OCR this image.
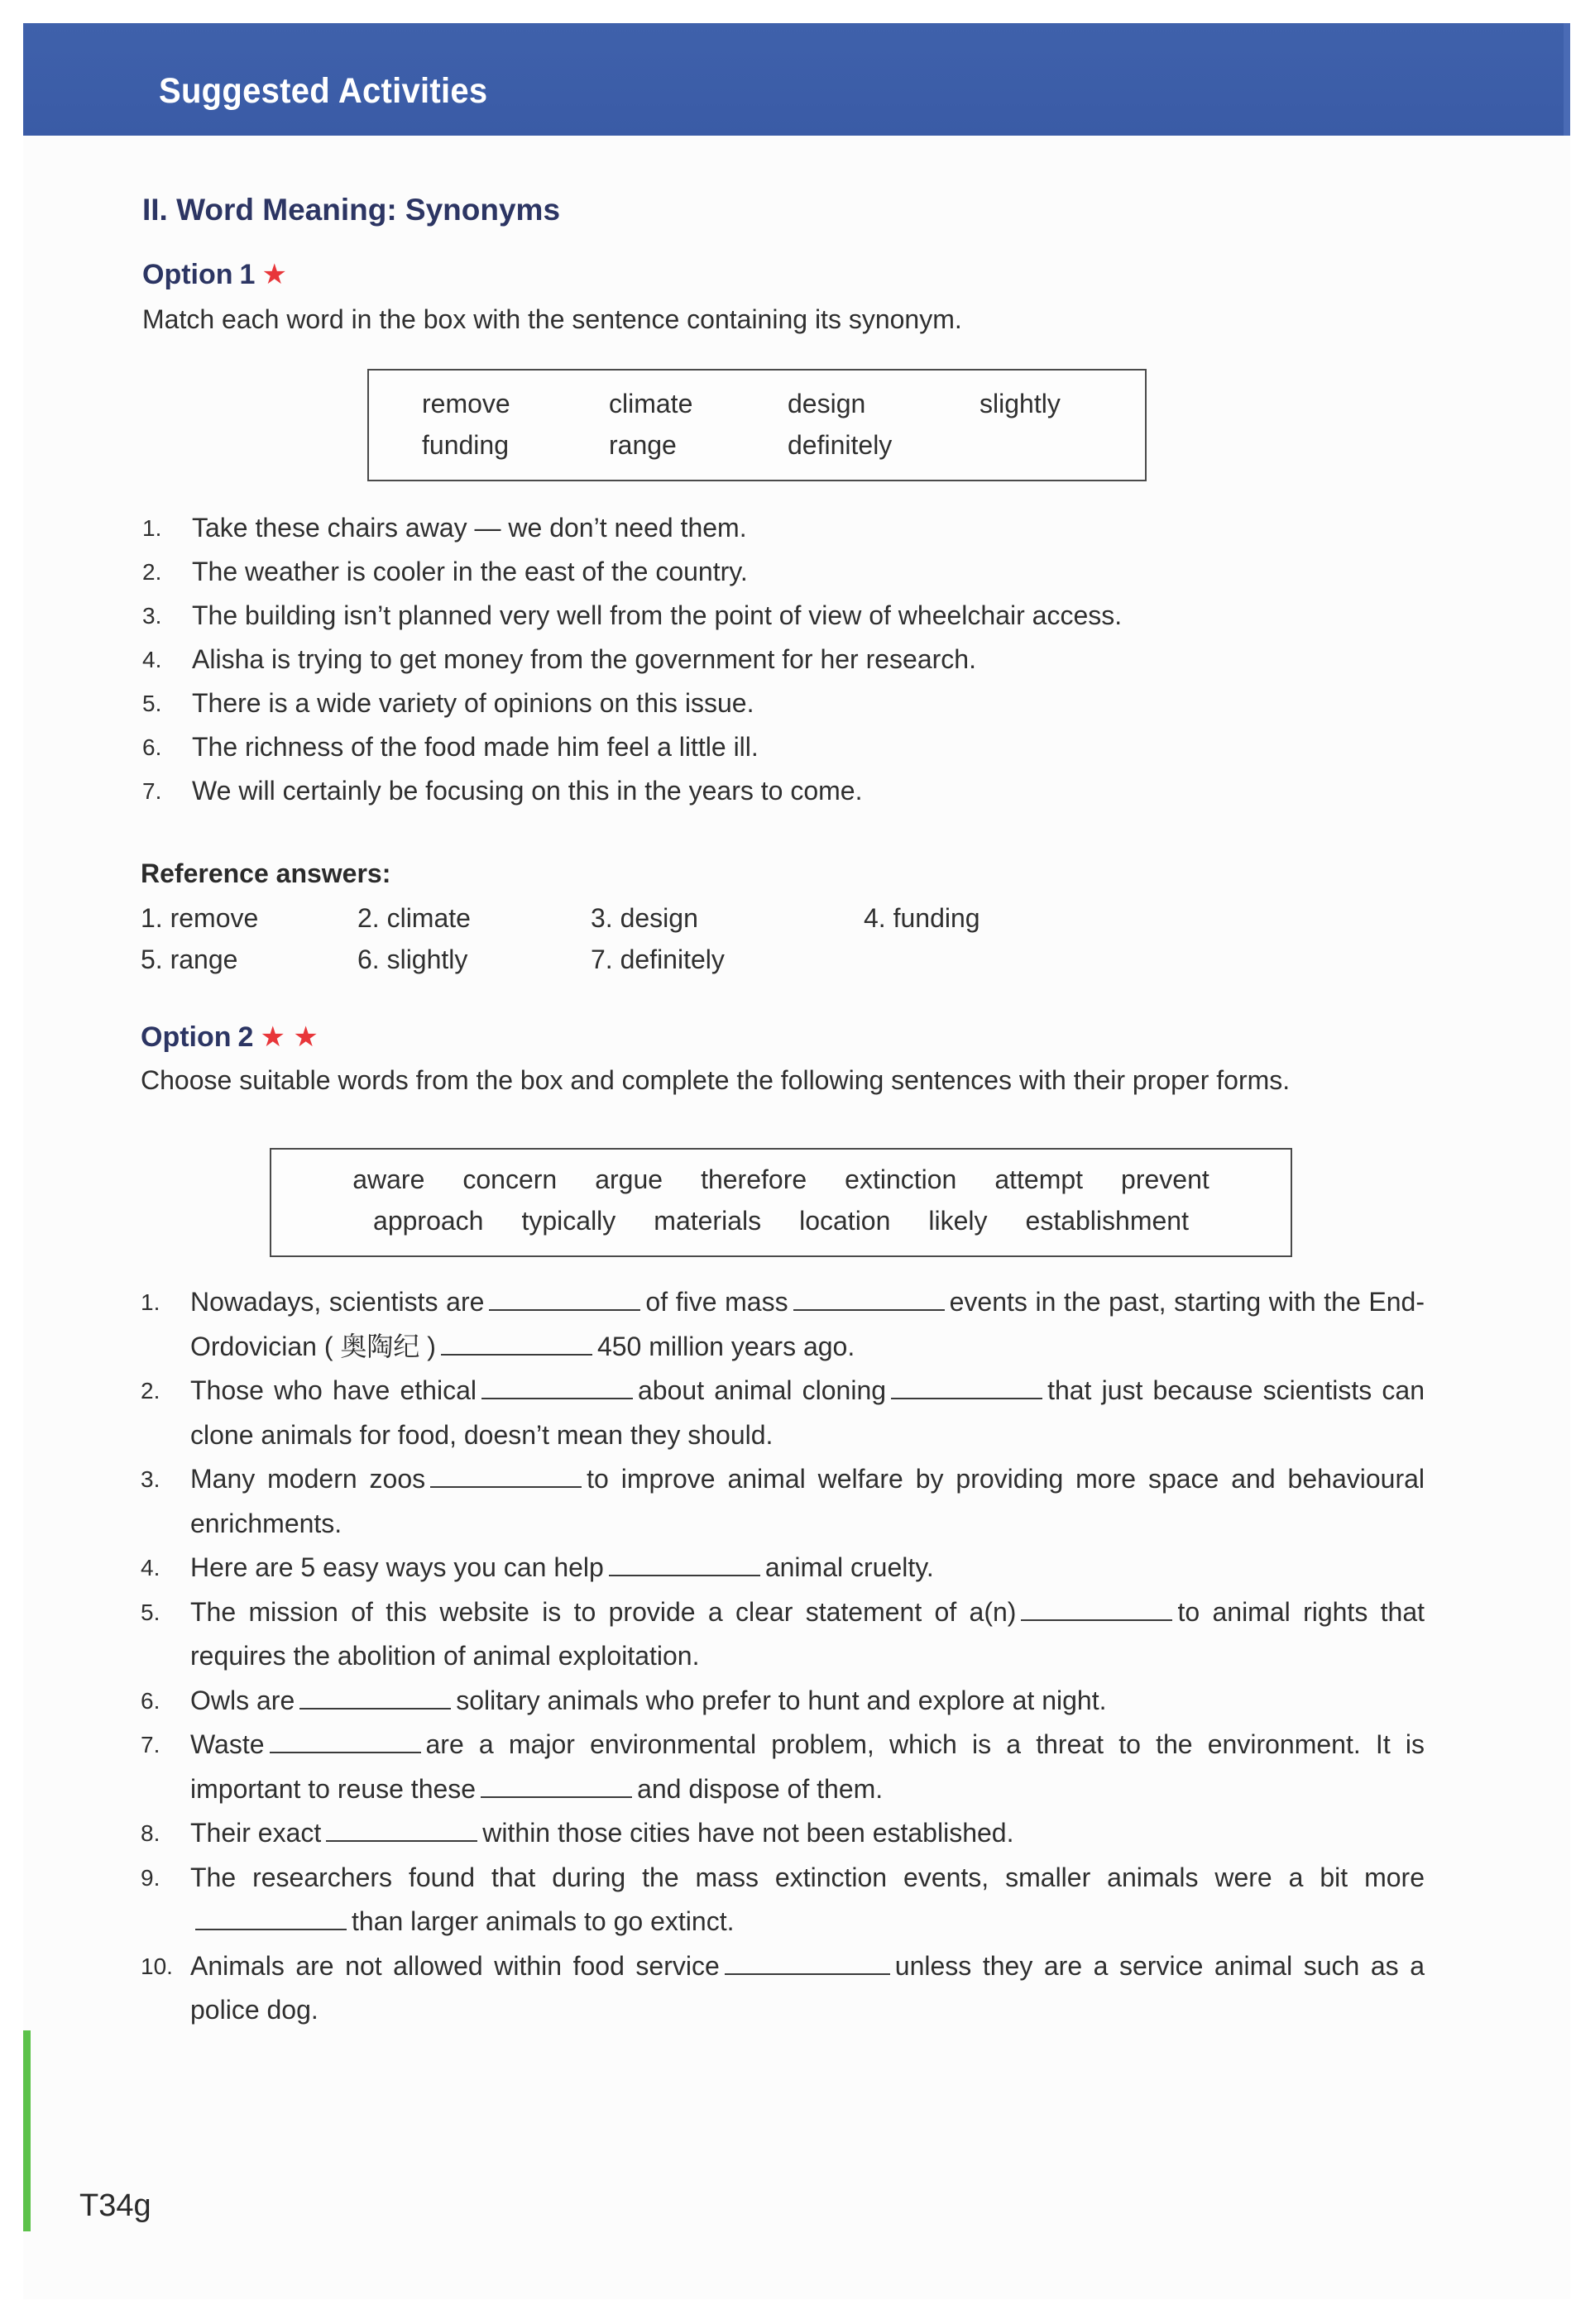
Suggested Activities
II. Word Meaning: Synonyms
Option 1 ★
Match each word in the box with the sentence containing its synonym.
remove	climate	design	slightly
funding	range	definitely
1.	Take these chairs away — we don’t need them.
2.	The weather is cooler in the east of the country.
3.	The building isn’t planned very well from the point of view of wheelchair access.
4.	Alisha is trying to get money from the government for her research.
5.	There is a wide variety of opinions on this issue.
6.	The richness of the food made him feel a little ill.
7.	We will certainly be focusing on this in the years to come.
Reference answers:
1. remove	2. climate	3. design	4. funding
5. range	6. slightly	7. definitely
Option 2 ★ ★
Choose suitable words from the box and complete the following sentences with their proper forms.
aware concern argue therefore extinction attempt prevent
approach typically materials location likely establishment
1.	Nowadays, scientists are	of five mass	events in the past, starting with the End-Ordovician ( 奥陶纪 )	450 million years ago.
2.	Those who have ethical	about animal cloning	that just because scientists can clone animals for food, doesn’t mean they should.
3.	Many modern zoos	to improve animal welfare by providing more space and behavioural enrichments.
4.	Here are 5 easy ways you can help	animal cruelty.
5.	The mission of this website is to provide a clear statement of a(n)	to animal rights that requires the abolition of animal exploitation.
6.	Owls are	solitary animals who prefer to hunt and explore at night.
7.	Waste	are a major environmental problem, which is a threat to the environment. It is important to reuse these	and dispose of them.
8.	Their exact	within those cities have not been established.
9.	The researchers found that during the mass extinction events, smaller animals were a bit morethan larger animals to go extinct.
10. Animals are not allowed within food service	unless they are a service animal such as a police dog.
T34g
